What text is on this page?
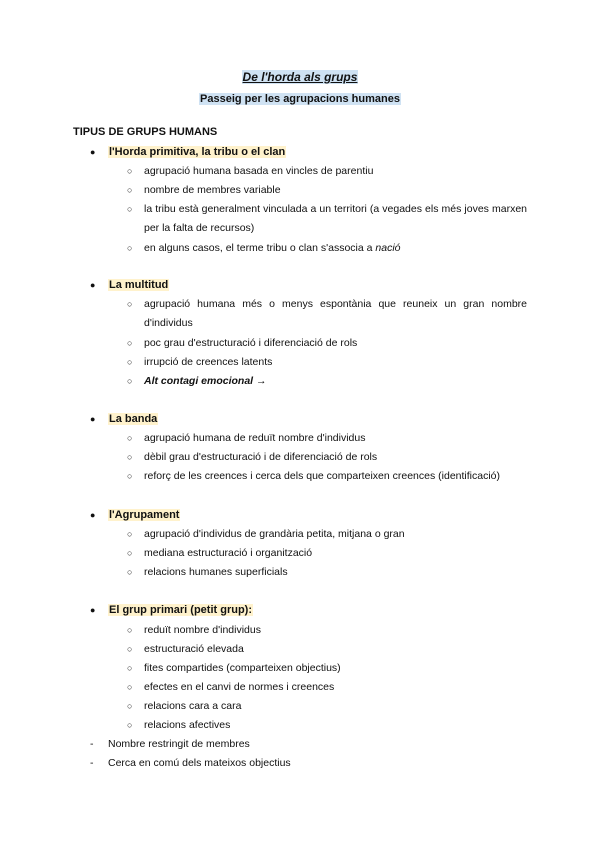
De l'horda als grups
Passeig per les agrupacions humanes
TIPUS DE GRUPS HUMANS
● l'Horda primitiva, la tribu o el clan
○ agrupació humana basada en vincles de parentiu
○ nombre de membres variable
○ la tribu està generalment vinculada a un territori (a vegades els més joves marxen per la falta de recursos)
○ en alguns casos, el terme tribu o clan s'associa a nació
● La multitud
○ agrupació humana més o menys espontània que reuneix un gran nombre d'individus
○ poc grau d'estructuració i diferenciació de rols
○ irrupció de creences latents
○ Alt contagi emocional →
● La banda
○ agrupació humana de reduït nombre d'individus
○ dèbil grau d'estructuració i de diferenciació de rols
○ reforç de les creences i cerca dels que comparteixen creences (identificació)
● l'Agrupament
○ agrupació d'individus de grandària petita, mitjana o gran
○ mediana estructuració i organització
○ relacions humanes superficials
● El grup primari (petit grup):
○ reduït nombre d'individus
○ estructuració elevada
○ fites compartides (comparteixen objectius)
○ efectes en el canvi de normes i creences
○ relacions cara a cara
○ relacions afectives
- Nombre restringit de membres
- Cerca en comú dels mateixos objectius
